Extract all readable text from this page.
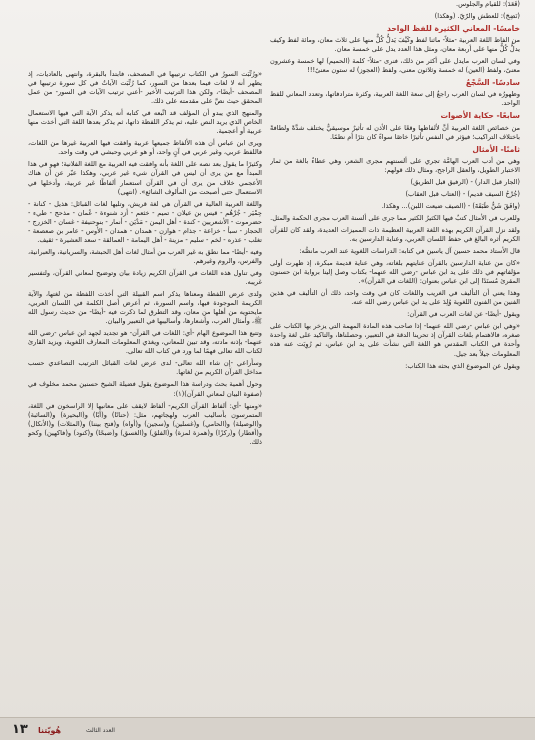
(قَعَدَ): للقيام والجلوس.

(نَضِجَ): للعطش والرّيّ. (وهكذا)

خامسًا- المعاني الكثيرة للفظ الواحد

من الفاظ اللغة العربية -مثلاً- ماثنا لفظ وكَيْفَ يَدلُّ كُلٌّ منها على ثلاث معان، ومائة لفظ وكيف يدلُّ كُلٌّ منها على أربعة معان، ومثل هذا العدد يدل على خمسة معان.

وفي لسان العرب مايدل على أكثر من ذلك، فنرى -مثلاً- كلمة (الحميم) لها خمسة وعشرون معنىً، ولفظ (العين) له خمسة وثلاثون معنى، ولفظ (العجوز) له ستون معنىً!!!

سادسًا- السَّجْعُ

وظهورُه في لسان العرب راجعٌ إلى سعة اللغة العربية، وكثرة مترادفاتها، وتعدد المعاني للفظ الواحد.

سابعًا- حكاية الأصوات

من خصائص اللغة العربية أنَّ لألفاظها وقعًا على الأذن له تأثيرٌ موسيقيٌّ يختلف شدَّةً ولطافةً باختلاف التراكيب؛ فيؤثر في النفس تأثيرًا خاصًا سواءً كان نثرًا أم نظمًا.

ثامنًا- الأمثال

وهي من أدب العرب الهامَّة تجري على ألسنتهم مجرى الشعر، وهي عطاءٌ بالغة من ثمار الاختبار الطويل، والعقل الراجح، ومثال ذلك قولهم:

(الجار قبل الدار) - (الرفيق قبل الطريق)

(جُرْحُ السيف قديم) - (العتاب قبل العقاب)

(وافَقَ شَنٌّ طَبَقَةَ) - (الصيف ضيعت اللبن)... وهكذا.

وللعرب في الأمثال كتبٌ فيها الكثيرُ الكثير مما جرى على ألسنة العرب مجرى الحكمة والمثل.

ولقد نزل القرآن الكريم بهذه اللغة العربية العظيمة ذات المميزات العديدة، ولقد كان للقرآن الكريم أثره البالغ في حفظ اللسان العربي، وعناية الدارسين به.

قال الأستاذ محمد حسين آل ياسين في كتابه: الدراسات اللغوية عند العرب مانصُّه:

«كان من عناية الدارسين بالقرآن عنايتهم بلغاته، وهي عناية قديمة مبكرة، إذ ظهرت أولى مؤلفاتهم في ذلك على يد ابن عباس -رضي الله عنهما- بكتاب وصل إلينا برواية ابن حسنون المقرئ مُسنَدًا إلى ابن عباس بعنوان: (اللغات في القرآن)».

وهذا يعني أن التأليف في الغريب واللغات كان في وقت واحد، ذلك أن التأليف في هذين الفنين من الفنون اللغوية وُلِدَ على يد ابن عباس رضي الله عنه.

ويقول -أيضًا- عن لغات العرب في القرآن:

«وهي ابن عباس -رضي الله عنهما- إذا صاحب هذه المادة المهمة التي يزخر بها الكتاب على صغره، فالاهتمام بلغات القرآن إذ تحرينا الدقة في التعبير، وحصلناها، والتاكيد على لغة واحدة وأحدة في الكتاب المقدس هو اللغة التي نشأت على يد ابن عباس، ثم رُوِيَت عنه هذه المعلومات جيلاً بعد جيل.

ويقول عن الموضوع الذي بحثه هذا الكتاب:

«ورُتِّبَت السورُ في الكتاب ترتيبها في المصحف، فابتدأ بالبقرة، وانتهى بالعاديات، إذ يظهر أنه لا لغات فيما بعدها من السور، كما رُتِّبَت الآياتُ في كل سورة ترتيبها في المصحف -أيضًا-، ولكن هذا الترتيب الأخير -أعني ترتيب الآيات في السور- من عمل المحقق حيث نصَّ على مقدمته على ذلك.

والمنهج الذي يبدو أن المؤلف قد اتَّبعه في كتابه أنه يذكر الآية التي فيها الاستعمال الخاص الذي يريد النص عليه، ثم يذكر اللفظة ذاتها، ثم يذكر بعدها اللغة التي أخذت منها عربية أو أعجمية.

ويرى ابن عباس أن هذه الألفاظ جميعها عربية وافقت فيها العربية غيرها من اللغات، فاللفظ عربي، وغير عربي في آنٍ واحد، أو هو عربي وحبشي في وقت واحد.

وكثيرًا ما يقول بعد نصه على اللغة بأنه وافقت فيه العربية مع اللغة الفلانية؛ فهو في هذا المبدأ مع من يرى أن ليس في القرآن شيء غير عربي، وهكذا عبّر عن أن هناك الأعجمي خلاف من يرى أن في القرآن استعمار ألفاظًا غير عربية، وأدخلها في الاستعمال حتى أصبحت من المألوف الشائع». (انتهى)

واللغة العربية العالية في القرآن هي لغة قريش، وتليها لغات القبائل: هذيل - كنانة - حِمْيَر - جُرْهُم - قيس بن عيلان - تميم - خثعم - أزد شنوءة - عُمان - مذحج - طيء - حضرموت - الأشعريين - كندة - أهل اليمن - مَدْيَن - أنمار - بنوحنيفة - غسان - الخزرج - الحجاز - سبأ - خزاعة - جذام - هوازن - همدان - همدان - الأوس - عامر بن صعصعة - تغلب - عذره - لخم - سليم - مزينة - أهل اليمامة - العمالقة - سعد العشيرة - ثقيف.

وفيه -أيضًا- مما نطق به غير العرب من أمثال لغات أهل الحبشة، والسريانية، والعبرانية، والفرس، والروم وغيرهم.

وفي تناول هذه اللغات في القرآن الكريم زيادة بيان وتوضيح لمعاني القرآن، ولتفسير غريبه.

ولدى عرض اللفظة ومعناها يذكر اسم القبيلة التي أخذت اللفظة من لغتها، والآية الكريمة الموجودة فيها، واسم السورة، ثم أعرض أصل الكلمة في اللسان العربي، مايحتويه من أهلها من معان، وقد التطرق لما ذكرت فيه -أيضًا- من حديث رسول الله ﷺ، وأمثال العرب، وأشعارها، وأساليبها في التعبير والبيان.

وتتبع هذا الموضوع الهام -أي: اللغات في القرآن- هو تجديد لجهد ابن عباس -رضي الله عنهما- بإذنه مادته، وقد تبين للمعاني، ويغذي المعلومات المعارف اللغوية، ويزيد القارئ لكتاب الله تعالى فهمًا لما ورد في كتاب الله تعالى.

وسأراعي -إن شاء الله تعالى- لدى عرض لغات القبائل الترتيب التصاعدي حسب مداخل القرآن الكريم من لغاتها.

وحول أهمية بحث ودراسة هذا الموضوع يقول فضيلة الشيخ حسنين محمد مخلوف في (صفوة البيان لمعاني القرآن)(١):

«ومنها -أي: ألفاظ القرآن الكريم- ألفاظ لايقف على معانيها إلا الراسخون في اللغة، المتمرسون بأساليب العرب ولهجاتهم، مثل: (حنانًا) و(أبًا) و(البحيرة) و(السائبة) و(الوصيلة) و(الحامي) و(غسلين) و(سجين) و(أواه) و(فتح بيننا) و(المثلات) و(الأنكال) و(أقطار) و(ركزًا) و(همزة لمزة) و(الفلق) و(الغسق) و(ضبحًا) و(كنود) و(فاكهين) وكحو ذلك.

١٣ هُويّتنا	العدد الثالث
